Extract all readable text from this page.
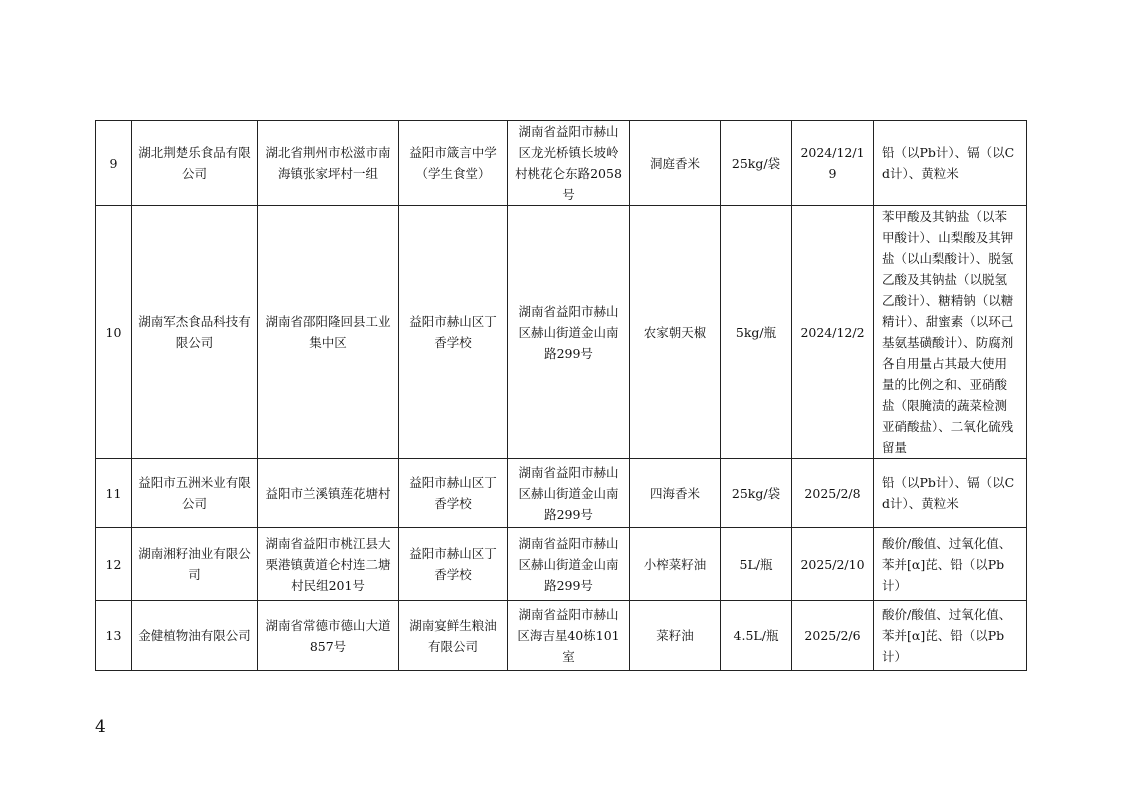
9	湖北荆楚乐食品有限公司	湖北省荆州市松滋市南海镇张家坪村一组	益阳市箴言中学（学生食堂）	湖南省益阳市赫山区龙光桥镇长坡岭村桃花仑东路2058号	洞庭香米	25kg/袋	2024/12/19	铅（以Pb计）、镉（以Cd计）、黄粒米
10	湖南军杰食品科技有限公司	湖南省邵阳隆回县工业集中区	益阳市赫山区丁香学校	湖南省益阳市赫山区赫山街道金山南路299号	农家朝天椒	5kg/瓶	2024/12/2	苯甲酸及其钠盐（以苯甲酸计）、山梨酸及其钾盐（以山梨酸计）、脱氢乙酸及其钠盐（以脱氢乙酸计）、糖精钠（以糖精计）、甜蜜素（以环己基氨基磺酸计）、防腐剂各自用量占其最大使用量的比例之和、亚硝酸盐（限腌渍的蔬菜检测亚硝酸盐）、二氧化硫残留量
11	益阳市五洲米业有限公司	益阳市兰溪镇莲花塘村	益阳市赫山区丁香学校	湖南省益阳市赫山区赫山街道金山南路299号	四海香米	25kg/袋	2025/2/8	铅（以Pb计）、镉（以Cd计）、黄粒米
12	湖南湘籽油业有限公司	湖南省益阳市桃江县大栗港镇黄道仑村连二塘村民组201号	益阳市赫山区丁香学校	湖南省益阳市赫山区赫山街道金山南路299号	小榨菜籽油	5L/瓶	2025/2/10	酸价/酸值、过氧化值、苯并[α]芘、铅（以Pb计）
13	金健植物油有限公司	湖南省常德市德山大道857号	湖南宴鲜生粮油有限公司	湖南省益阳市赫山区海吉星40栋101室	菜籽油	4.5L/瓶	2025/2/6	酸价/酸值、过氧化值、苯并[α]芘、铅（以Pb计）
4
